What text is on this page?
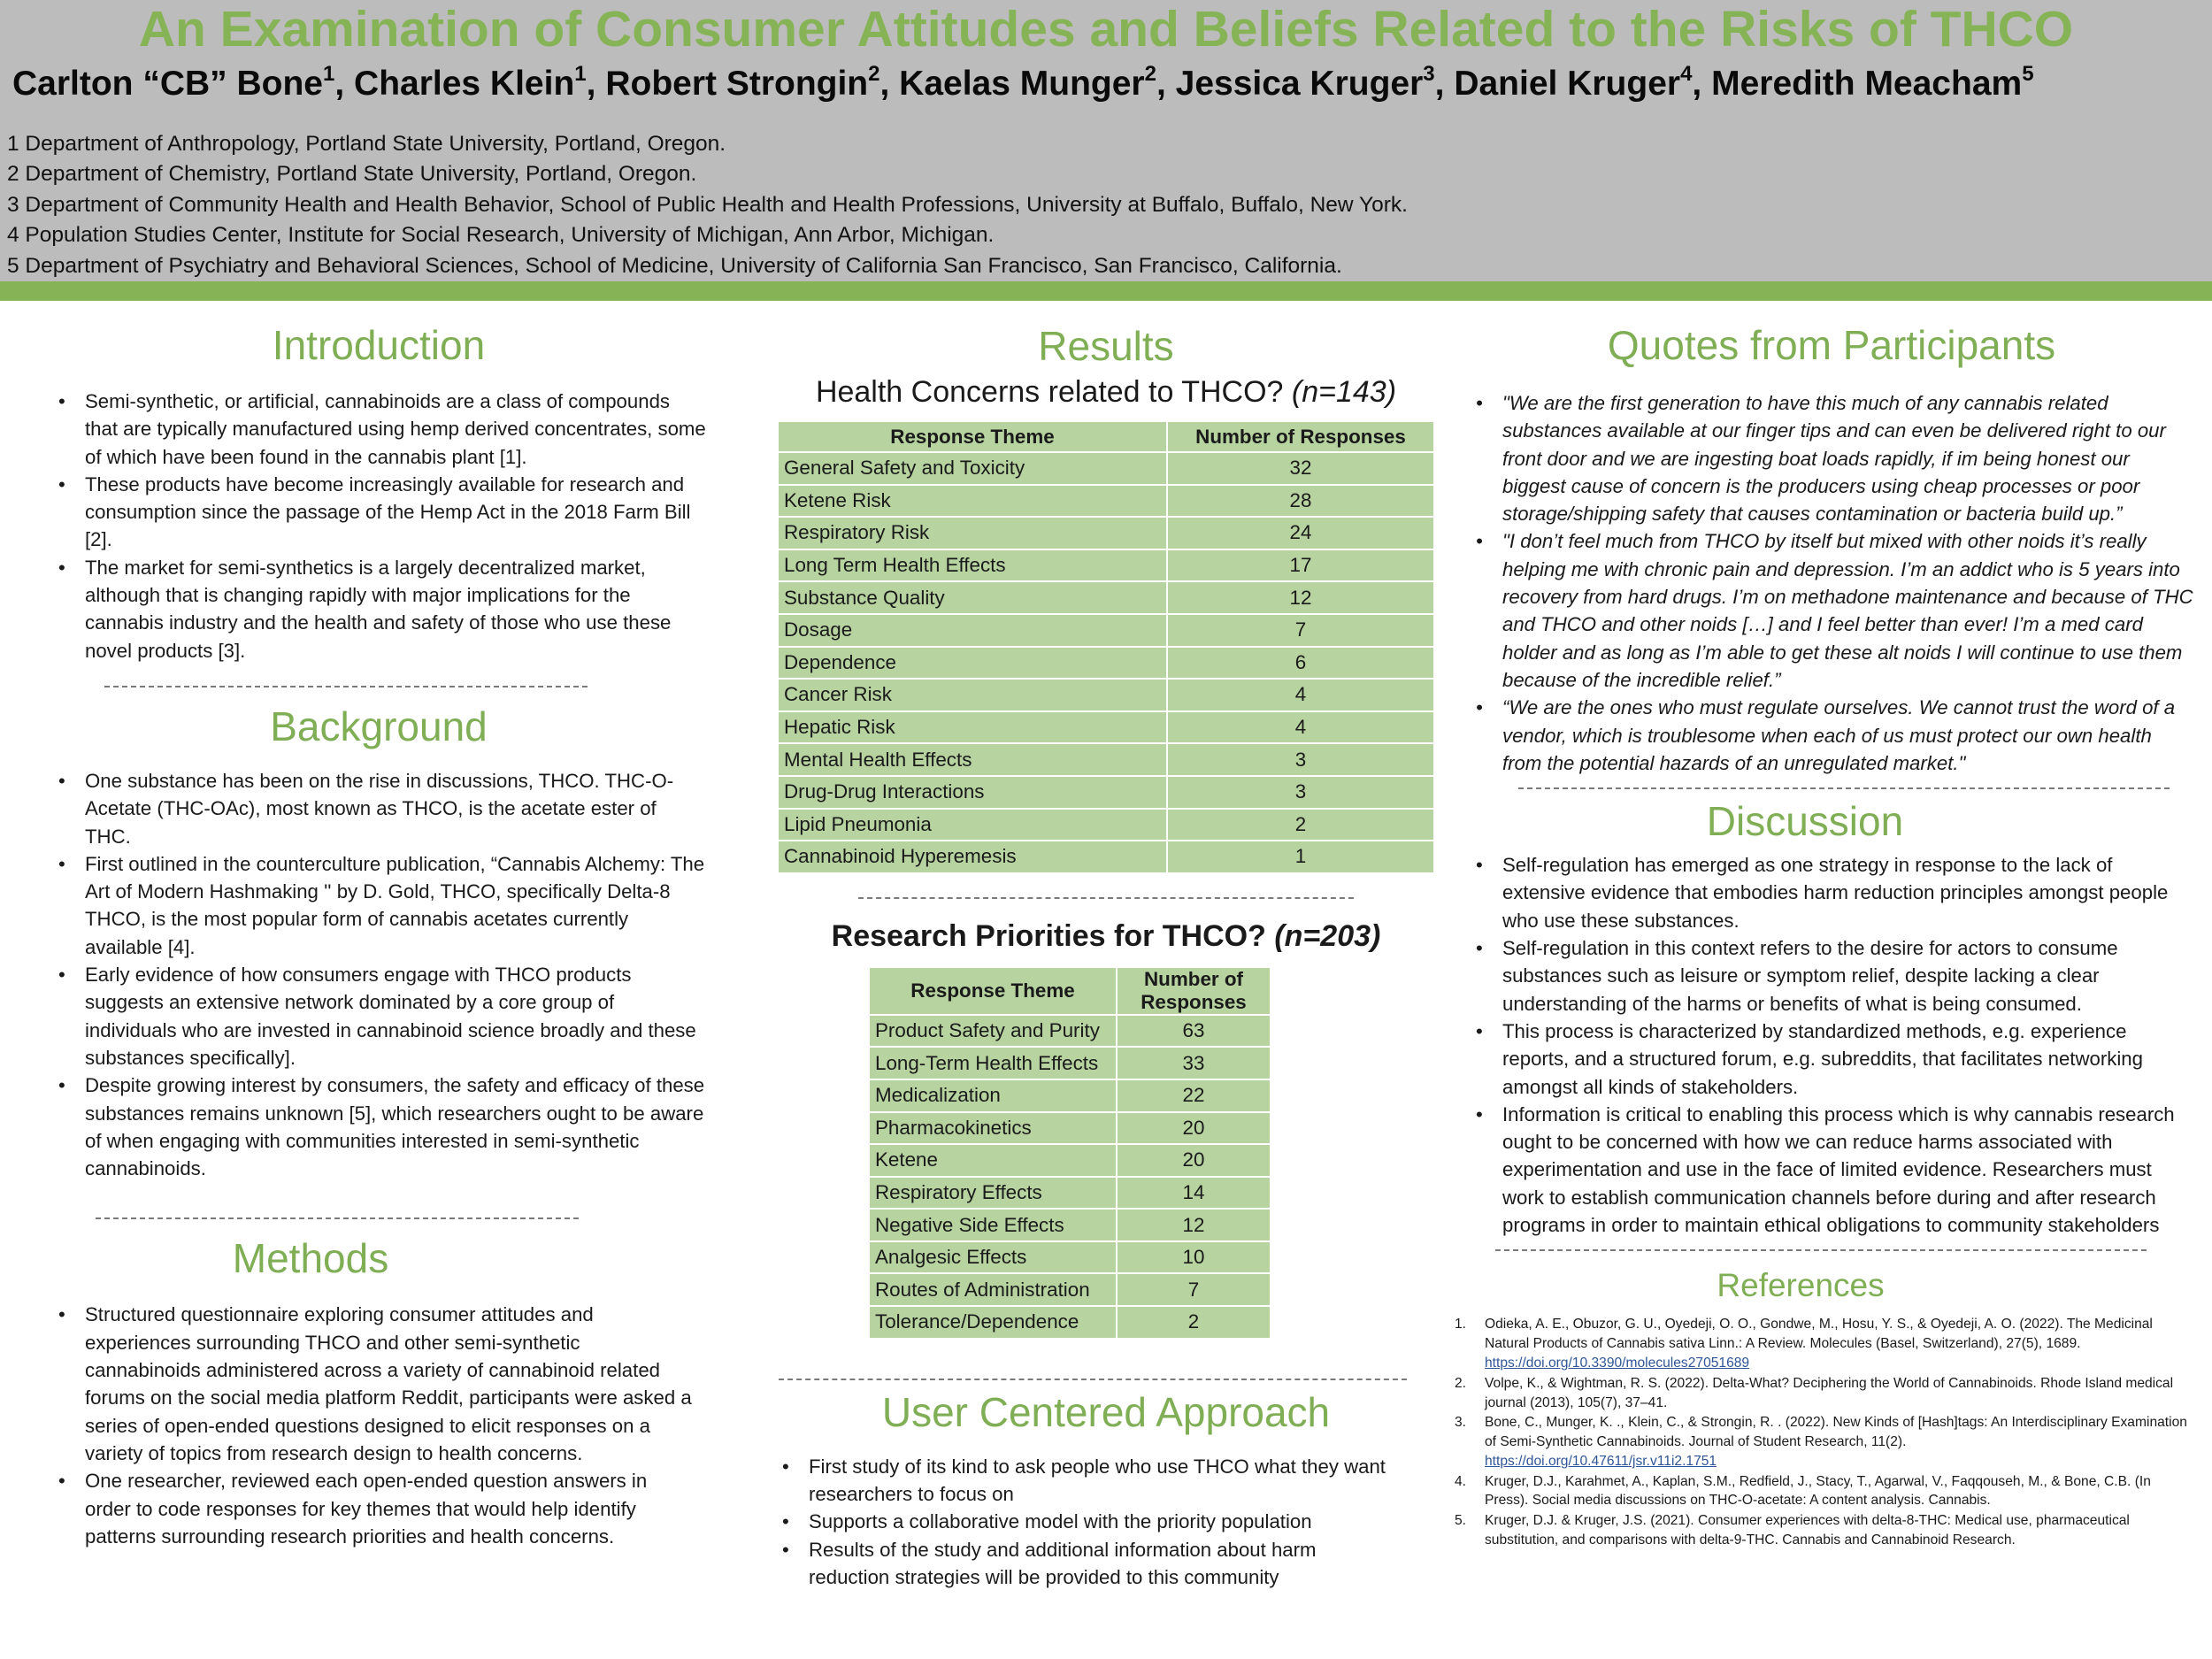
An Examination of Consumer Attitudes and Beliefs Related to the Risks of THCO
Carlton “CB” Bone$^1$, Charles Klein$^1$, Robert Strongin$^2$, Kaelas Munger$^2$, Jessica Kruger$^3$, Daniel Kruger$^4$, Meredith Meacham$^5$
1 Department of Anthropology, Portland State University, Portland, Oregon.
2 Department of Chemistry, Portland State University, Portland, Oregon.
3 Department of Community Health and Health Behavior, School of Public Health and Health Professions, University at Buffalo, Buffalo, New York.
4 Population Studies Center, Institute for Social Research, University of Michigan, Ann Arbor, Michigan.
5 Department of Psychiatry and Behavioral Sciences, School of Medicine, University of California San Francisco, San Francisco, California.
Introduction
• Semi-synthetic, or artificial, cannabinoids are a class of compounds that are typically manufactured using hemp derived concentrates, some of which have been found in the cannabis plant [1].
• These products have become increasingly available for research and consumption since the passage of the Hemp Act in the 2018 Farm Bill [2].
• The market for semi-synthetics is a largely decentralized market, although that is changing rapidly with major implications for the cannabis industry and the health and safety of those who use these novel products [3].
Background
• One substance has been on the rise in discussions, THCO. THC-O-Acetate (THC-OAc), most known as THCO, is the acetate ester of THC.
• First outlined in the counterculture publication, “Cannabis Alchemy: The Art of Modern Hashmaking '' by D. Gold, THCO, specifically Delta-8 THCO, is the most popular form of cannabis acetates currently available [4].
• Early evidence of how consumers engage with THCO products suggests an extensive network dominated by a core group of individuals who are invested in cannabinoid science broadly and these substances specifically].
• Despite growing interest by consumers, the safety and efficacy of these substances remains unknown [5], which researchers ought to be aware of when engaging with communities interested in semi-synthetic cannabinoids.
Methods
• Structured questionnaire exploring consumer attitudes and experiences surrounding THCO and other semi-synthetic cannabinoids administered across a variety of cannabinoid related forums on the social media platform Reddit, participants were asked a series of open-ended questions designed to elicit responses on a variety of topics from research design to health concerns.
• One researcher, reviewed each open-ended question answers in order to code responses for key themes that would help identify patterns surrounding research priorities and health concerns.
Results
Health Concerns related to THCO? (n=143)
Response Theme	Number of Responses
General Safety and Toxicity	32
Ketene Risk	28
Respiratory Risk	24
Long Term Health Effects	17
Substance Quality	12
Dosage	7
Dependence	6
Cancer Risk	4
Hepatic Risk	4
Mental Health Effects	3
Drug-Drug Interactions	3
Lipid Pneumonia	2
Cannabinoid Hyperemesis	1
Research Priorities for THCO? (n=203)
Response Theme	Number of Responses
Product Safety and Purity	63
Long-Term Health Effects	33
Medicalization	22
Pharmacokinetics	20
Ketene	20
Respiratory Effects	14
Negative Side Effects	12
Analgesic Effects	10
Routes of Administration	7
Tolerance/Dependence	2
User Centered Approach
• First study of its kind to ask people who use THCO what they want researchers to focus on
• Supports a collaborative model with the priority population
• Results of the study and additional information about harm reduction strategies will be provided to this community
Quotes from Participants
• "We are the first generation to have this much of any cannabis related substances available at our finger tips and can even be delivered right to our front door and we are ingesting boat loads rapidly, if im being honest our biggest cause of concern is the producers using cheap processes or poor storage/shipping safety that causes contamination or bacteria build up.”
• "I don’t feel much from THCO by itself but mixed with other noids it’s really helping me with chronic pain and depression. I’m an addict who is 5 years into recovery from hard drugs. I’m on methadone maintenance and because of THC and THCO and other noids […] and I feel better than ever! I’m a med card holder and as long as I’m able to get these alt noids I will continue to use them because of the incredible relief.”
• “We are the ones who must regulate ourselves. We cannot trust the word of a vendor, which is troublesome when each of us must protect our own health from the potential hazards of an unregulated market."
Discussion
• Self-regulation has emerged as one strategy in response to the lack of extensive evidence that embodies harm reduction principles amongst people who use these substances.
• Self-regulation in this context refers to the desire for actors to consume substances such as leisure or symptom relief, despite lacking a clear understanding of the harms or benefits of what is being consumed.
• This process is characterized by standardized methods, e.g. experience reports, and a structured forum, e.g. subreddits, that facilitates networking amongst all kinds of stakeholders.
• Information is critical to enabling this process which is why cannabis research ought to be concerned with how we can reduce harms associated with experimentation and use in the face of limited evidence. Researchers must work to establish communication channels before during and after research programs in order to maintain ethical obligations to community stakeholders
References
1. Odieka, A. E., Obuzor, G. U., Oyedeji, O. O., Gondwe, M., Hosu, Y. S., & Oyedeji, A. O. (2022). The Medicinal Natural Products of Cannabis sativa Linn.: A Review. Molecules (Basel, Switzerland), 27(5), 1689.
https://doi.org/10.3390/molecules27051689
2. Volpe, K., & Wightman, R. S. (2022). Delta-What? Deciphering the World of Cannabinoids. Rhode Island medical journal (2013), 105(7), 37–41.
3. Bone, C., Munger, K. ., Klein, C., & Strongin, R. . (2022). New Kinds of [Hash]tags: An Interdisciplinary Examination of Semi-Synthetic Cannabinoids. Journal of Student Research, 11(2).
https://doi.org/10.47611/jsr.v11i2.1751
4. Kruger, D.J., Karahmet, A., Kaplan, S.M., Redfield, J., Stacy, T., Agarwal, V., Faqqouseh, M., & Bone, C.B. (In Press). Social media discussions on THC-O-acetate: A content analysis. Cannabis.
5. Kruger, D.J. & Kruger, J.S. (2021). Consumer experiences with delta-8-THC: Medical use, pharmaceutical substitution, and comparisons with delta-9-THC. Cannabis and Cannabinoid Research.
